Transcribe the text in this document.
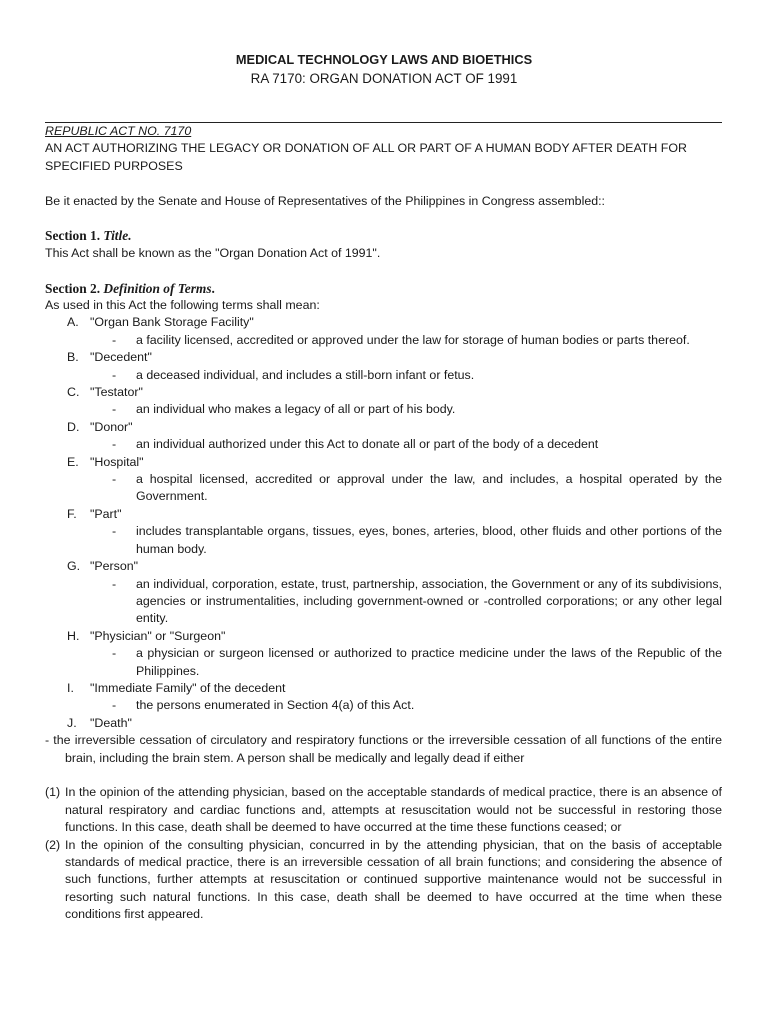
MEDICAL TECHNOLOGY LAWS AND BIOETHICS
RA 7170: ORGAN DONATION ACT OF 1991

REPUBLIC ACT NO. 7170

AN ACT AUTHORIZING THE LEGACY OR DONATION OF ALL OR PART OF A HUMAN BODY AFTER DEATH FOR SPECIFIED PURPOSES

Be it enacted by the Senate and House of Representatives of the Philippines in Congress assembled::

Section 1. Title.

This Act shall be known as the "Organ Donation Act of 1991".

Section 2. Definition of Terms.

As used in this Act the following terms shall mean:

A. "Organ Bank Storage Facility"
- a facility licensed, accredited or approved under the law for storage of human bodies or parts thereof.
B. "Decedent"
- a deceased individual, and includes a still-born infant or fetus.
C. "Testator"
- an individual who makes a legacy of all or part of his body.
D. "Donor"
- an individual authorized under this Act to donate all or part of the body of a decedent
E. "Hospital"
- a hospital licensed, accredited or approval under the law, and includes, a hospital operated by the Government.
F. "Part"
- includes transplantable organs, tissues, eyes, bones, arteries, blood, other fluids and other portions of the human body.
G. "Person"
- an individual, corporation, estate, trust, partnership, association, the Government or any of its subdivisions, agencies or instrumentalities, including government-owned or -controlled corporations; or any other legal entity.
H. "Physician" or "Surgeon"
- a physician or surgeon licensed or authorized to practice medicine under the laws of the Republic of the Philippines.
I. "Immediate Family" of the decedent
- the persons enumerated in Section 4(a) of this Act.
J. "Death"

- the irreversible cessation of circulatory and respiratory functions or the irreversible cessation of all functions of the entire brain, including the brain stem. A person shall be medically and legally dead if either

(1) In the opinion of the attending physician, based on the acceptable standards of medical practice, there is an absence of natural respiratory and cardiac functions and, attempts at resuscitation would not be successful in restoring those functions. In this case, death shall be deemed to have occurred at the time these functions ceased; or
(2) In the opinion of the consulting physician, concurred in by the attending physician, that on the basis of acceptable standards of medical practice, there is an irreversible cessation of all brain functions; and considering the absence of such functions, further attempts at resuscitation or continued supportive maintenance would not be successful in resorting such natural functions. In this case, death shall be deemed to have occurred at the time when these conditions first appeared.
